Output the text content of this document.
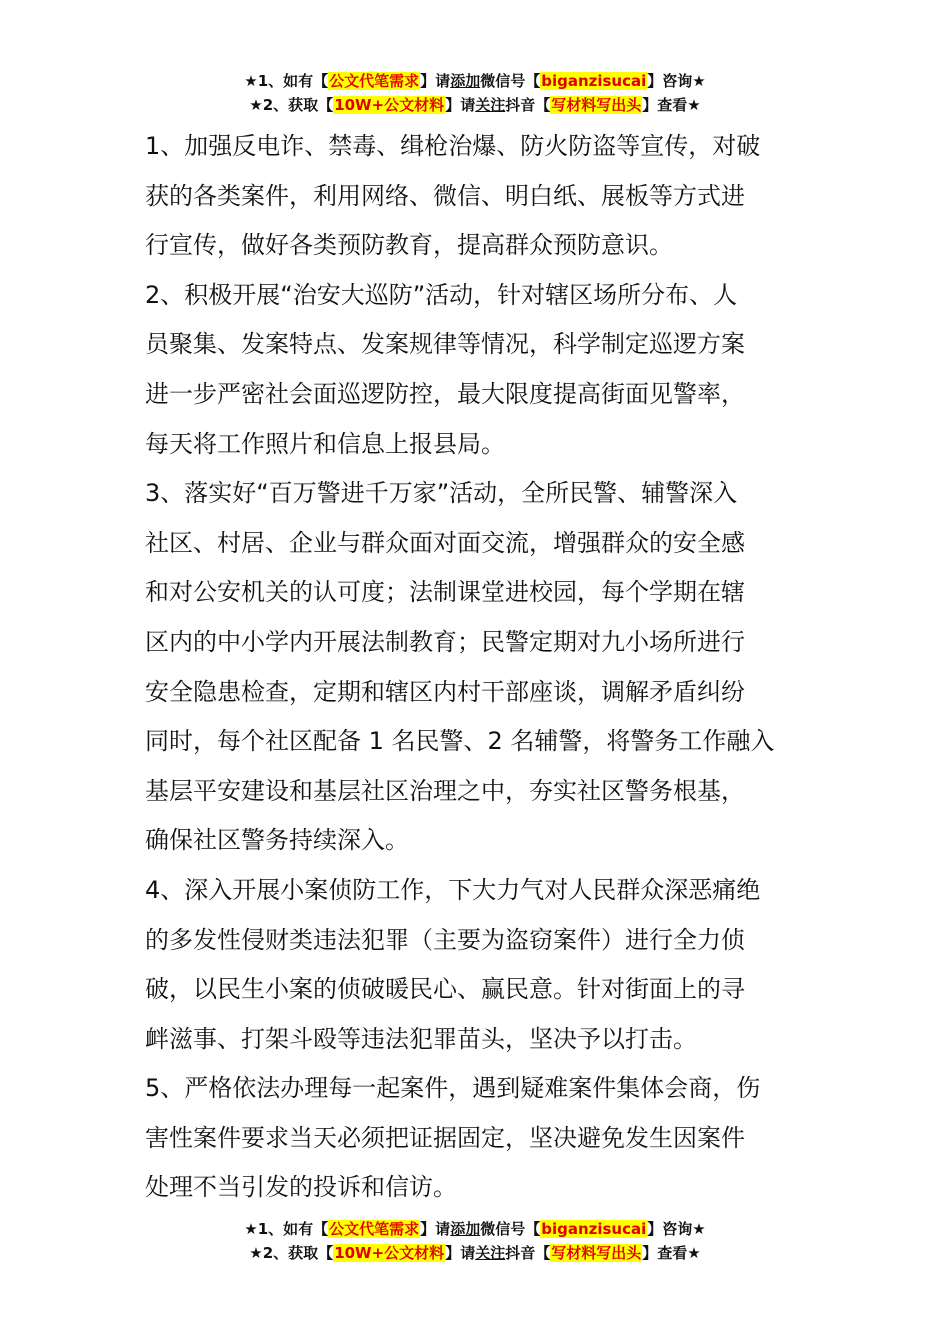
★1、如有【公文代笔需求】请添加微信号【biganzisucai】咨询★
★2、获取【10W+公文材料】请关注抖音【写材料写出头】查看★
1、加强反电诈、禁毒、缉枪治爆、防火防盗等宣传，对破
获的各类案件，利用网络、微信、明白纸、展板等方式进
行宣传，做好各类预防教育，提高群众预防意识。
2、积极开展“治安大巡防”活动，针对辖区场所分布、人
员聚集、发案特点、发案规律等情况，科学制定巡逻方案
进一步严密社会面巡逻防控，最大限度提高街面见警率，
每天将工作照片和信息上报县局。
3、落实好“百万警进千万家”活动，全所民警、辅警深入
社区、村居、企业与群众面对面交流，增强群众的安全感
和对公安机关的认可度；法制课堂进校园，每个学期在辖
区内的中小学内开展法制教育；民警定期对九小场所进行
安全隐患检查，定期和辖区内村干部座谈，调解矛盾纠纷
同时，每个社区配备 1 名民警、2 名辅警，将警务工作融入
基层平安建设和基层社区治理之中，夯实社区警务根基，
确保社区警务持续深入。
4、深入开展小案侦防工作，下大力气对人民群众深恶痛绝
的多发性侵财类违法犯罪（主要为盗窃案件）进行全力侦
破，以民生小案的侦破暖民心、赢民意。针对街面上的寻
衅滋事、打架斗殴等违法犯罪苗头，坚决予以打击。
5、严格依法办理每一起案件，遇到疑难案件集体会商，伤
害性案件要求当天必须把证据固定，坚决避免发生因案件
处理不当引发的投诉和信访。
★1、如有【公文代笔需求】请添加微信号【biganzisucai】咨询★
★2、获取【10W+公文材料】请关注抖音【写材料写出头】查看★
